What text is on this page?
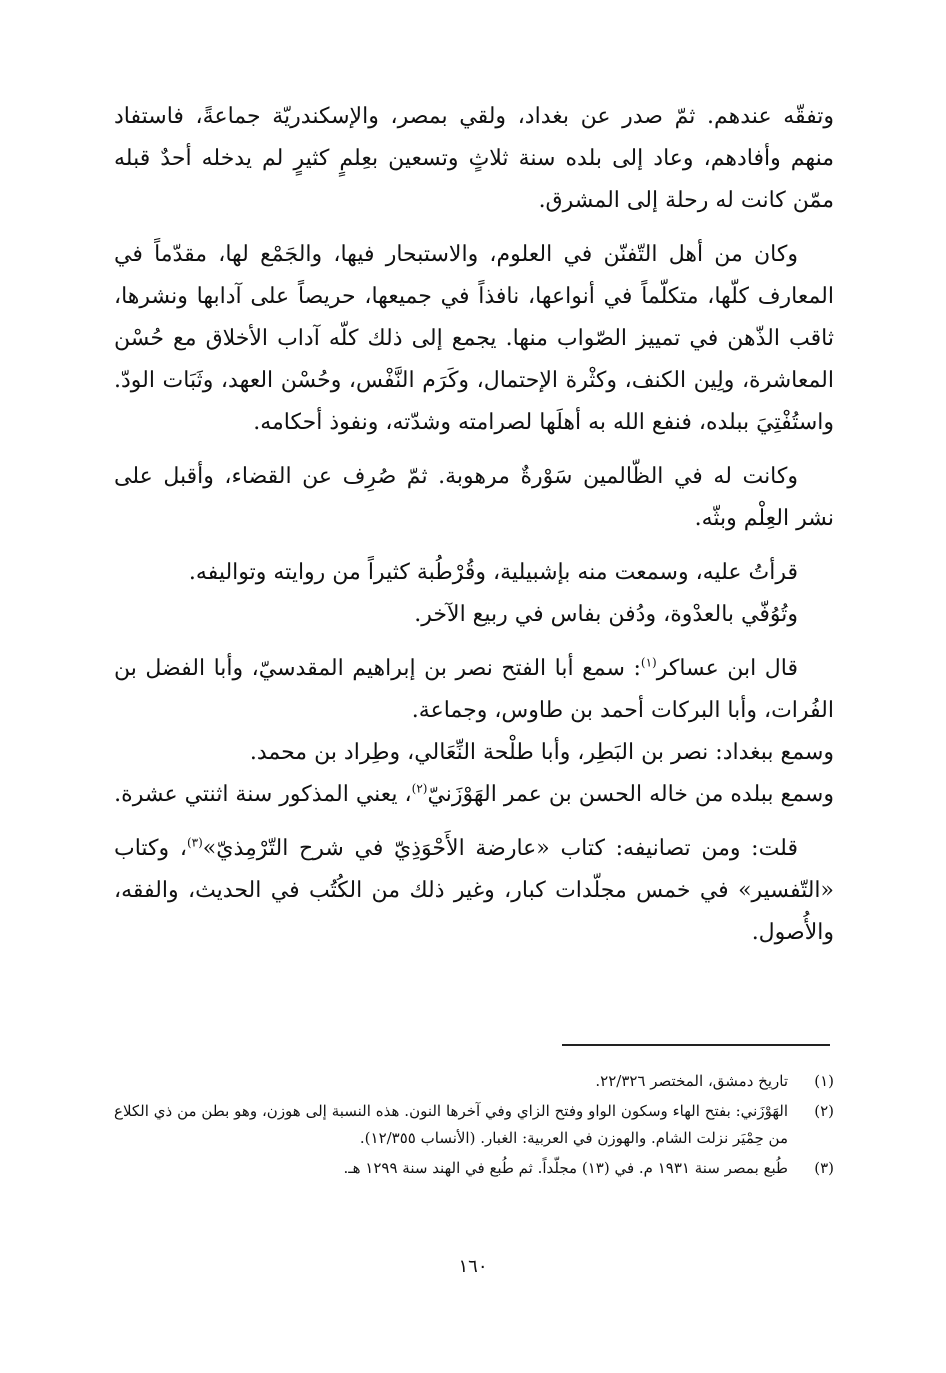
وتفقّه عندهم. ثمّ صدر عن بغداد، ولقي بمصر، والإسكندريّة جماعةً، فاستفاد منهم وأفادهم، وعاد إلى بلده سنة ثلاثٍ وتسعين بعِلمٍ كثيرٍ لم يدخله أحدٌ قبله ممّن كانت له رحلة إلى المشرق.

وكان من أهل التّفنّن في العلوم، والاستبحار فيها، والجَمْع لها، مقدّماً في المعارف كلّها، متكلّماً في أنواعها، نافذاً في جميعها، حريصاً على آدابها ونشرها، ثاقب الذّهن في تمييز الصّواب منها. يجمع إلى ذلك كلّه آداب الأخلاق مع حُسْن المعاشرة، ولِين الكنف، وكثْرة الإحتمال، وكَرَم النَّفْس، وحُسْن العهد، وثَبَات الودّ. واستُفْتِيَ ببلده، فنفع الله به أهلَها لصرامته وشدّته، ونفوذ أحكامه.

وكانت له في الظّالمين سَوْرةٌ مرهوبة. ثمّ صُرِف عن القضاء، وأقبل على نشر العِلْم وبثّه.

قرأتُ عليه، وسمعت منه بإشبيلية، وقُرْطُبة كثيراً من روايته وتواليفه.

وتُوُفّي بالعدْوة، ودُفن بفاس في ربيع الآخر.

قال ابن عساكر$^{(١)}$: سمع أبا الفتح نصر بن إبراهيم المقدسيّ، وأبا الفضل بن الفُرات، وأبا البركات أحمد بن طاوس، وجماعة.

وسمع ببغداد: نصر بن البَطِر، وأبا طلْحة النِّعَالي، وطِراد بن محمد.

وسمع ببلده من خاله الحسن بن عمر الهَوْزَنيّ$^{(٢)}$، يعني المذكور سنة اثنتي عشرة.

قلت: ومن تصانيفه: كتاب «عارضة الأَحْوَذِيّ في شرح التّرْمِذيّ»$^{(٣)}$، وكتاب «التّفسير» في خمس مجلّدات كبار، وغير ذلك من الكُتُب في الحديث، والفقه، والأُصول.

(١)
تاريخ دمشق، المختصر ٢٢/٣٢٦.
(٢)
الهَوْزَني: بفتح الهاء وسكون الواو وفتح الزاي وفي آخرها النون. هذه النسبة إلى هوزن، وهو بطن من ذي الكلاع من حِمْيَر نزلت الشام. والهوزن في العربية: الغبار. (الأنساب ١٢/٣٥٥).
(٣)
طُبع بمصر سنة ١٩٣١ م. في (١٣) مجلّداً. ثم طُبع في الهند سنة ١٢٩٩ هـ.
١٦٠
